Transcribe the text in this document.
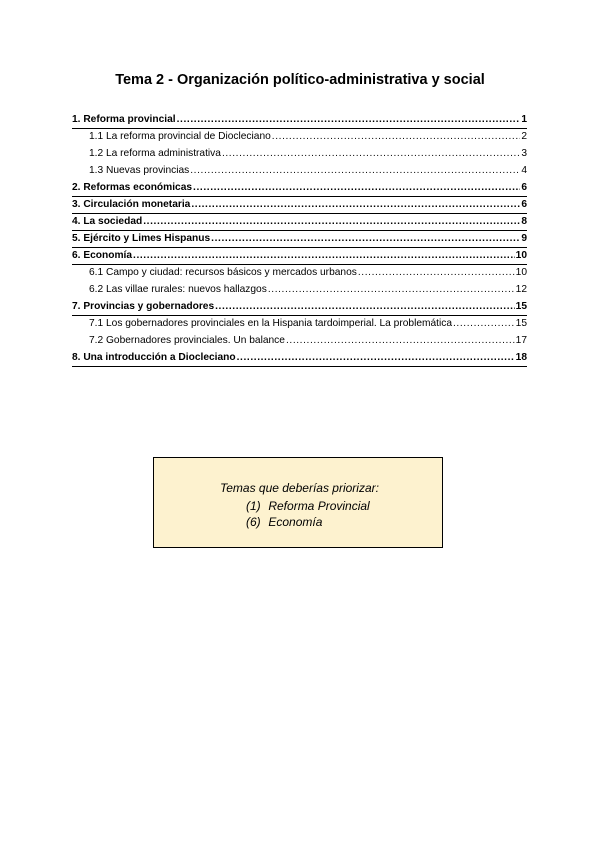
Tema 2 - Organización político-administrativa y social
1. Reforma provincial .....	1
1.1 La reforma provincial de Diocleciano .....	2
1.2 La reforma administrativa .....	3
1.3 Nuevas provincias .....	4
2. Reformas económicas .....	6
3. Circulación monetaria .....	6
4. La sociedad .....	8
5. Ejército y Limes Hispanus .....	9
6. Economía .....	10
6.1 Campo y ciudad: recursos básicos y mercados urbanos .....	10
6.2 Las villae rurales: nuevos hallazgos .....	12
7. Provincias y gobernadores .....	15
7.1 Los gobernadores provinciales en la Hispania tardoimperial. La problemática .....	15
7.2 Gobernadores provinciales. Un balance .....	17
8. Una introducción a Diocleciano .....	18
Temas que deberías priorizar:
(1) Reforma Provincial
(6) Economía
